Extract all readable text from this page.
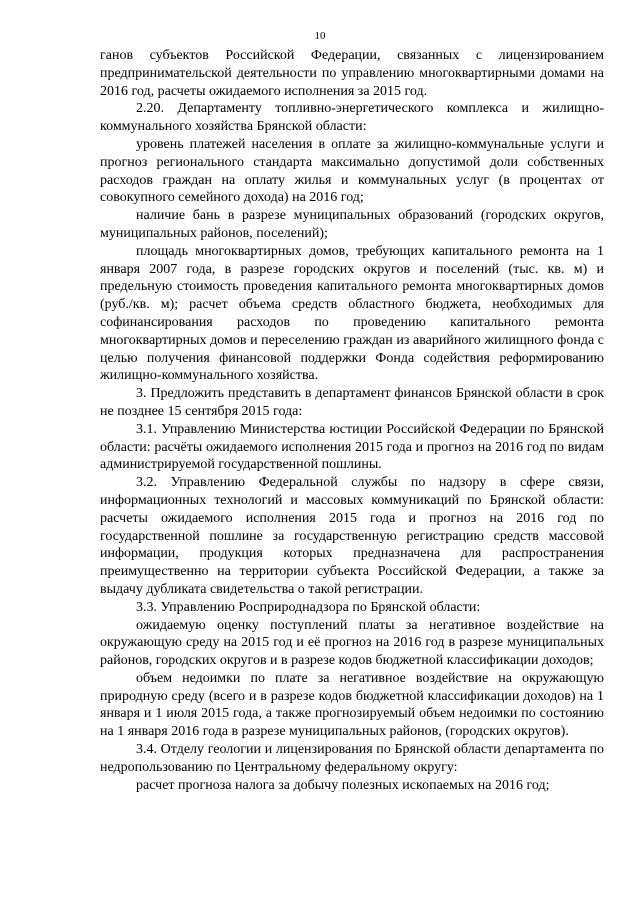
10

ганов субъектов Российской Федерации, связанных с лицензированием предпринимательской деятельности по управлению многоквартирными домами на 2016 год, расчеты ожидаемого исполнения за 2015 год.

2.20. Департаменту топливно-энергетического комплекса и жилищно-коммунального хозяйства Брянской области:

уровень платежей населения в оплате за жилищно-коммунальные услуги и прогноз регионального стандарта максимально допустимой доли собственных расходов граждан на оплату жилья и коммунальных услуг (в процентах от совокупного семейного дохода) на 2016 год;

наличие бань в разрезе муниципальных образований (городских округов, муниципальных районов, поселений);

площадь многоквартирных домов, требующих капитального ремонта на 1 января 2007 года, в разрезе городских округов и поселений (тыс. кв. м) и предельную стоимость проведения капитального ремонта многоквартирных домов (руб./кв. м); расчет объема средств областного бюджета, необходимых для софинансирования расходов по проведению капитального ремонта многоквартирных домов и переселению граждан из аварийного жилищного фонда с целью получения финансовой поддержки Фонда содействия реформированию жилищно-коммунального хозяйства.

3. Предложить представить в департамент финансов Брянской области в срок не позднее 15 сентября 2015 года:

3.1. Управлению Министерства юстиции Российской Федерации по Брянской области: расчёты ожидаемого исполнения 2015 года и прогноз на 2016 год по видам администрируемой государственной пошлины.

3.2. Управлению Федеральной службы по надзору в сфере связи, информационных технологий и массовых коммуникаций по Брянской области: расчеты ожидаемого исполнения 2015 года и прогноз на 2016 год по государственной пошлине за государственную регистрацию средств массовой информации, продукция которых предназначена для распространения преимущественно на территории субъекта Российской Федерации, а также за выдачу дубликата свидетельства о такой регистрации.

3.3. Управлению Росприроднадзора по Брянской области:

ожидаемую оценку поступлений платы за негативное воздействие на окружающую среду на 2015 год и её прогноз на 2016 год в разрезе муниципальных районов, городских округов и в разрезе кодов бюджетной классификации доходов;

объем недоимки по плате за негативное воздействие на окружающую природную среду (всего и в разрезе кодов бюджетной классификации доходов) на 1 января и 1 июля 2015 года, а также прогнозируемый объем недоимки по состоянию на 1 января 2016 года в разрезе муниципальных районов, (городских округов).

3.4. Отделу геологии и лицензирования по Брянской области департамента по недропользованию по Центральному федеральному округу:

расчет прогноза налога за добычу полезных ископаемых на 2016 год;
